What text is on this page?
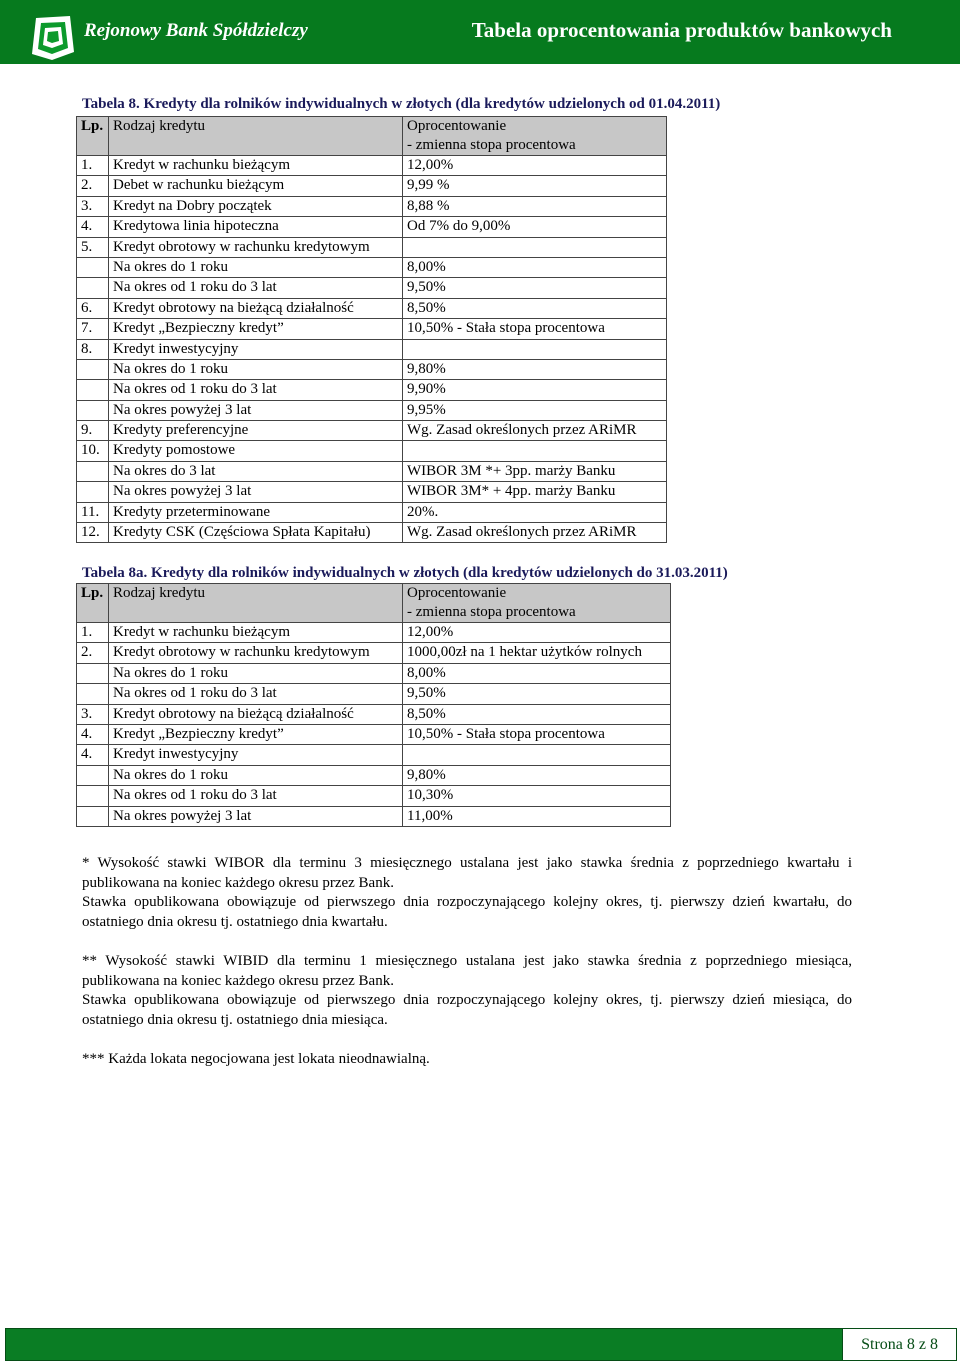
Rejonowy Bank Spółdzielczy	Tabela oprocentowania produktów bankowych
Tabela 8. Kredyty dla rolników indywidualnych w złotych (dla kredytów udzielonych od 01.04.2011)
Lp.	Rodzaj kredytu	Oprocentowanie
- zmienna stopa procentowa

1.	Kredyt w rachunku bieżącym	12,00%
2.	Debet w rachunku bieżącym	9,99 %
3.	Kredyt na Dobry początek	8,88 %
4.	Kredytowa linia hipoteczna	Od 7% do 9,00%
5.	Kredyt obrotowy w rachunku kredytowym	
	Na okres do 1 roku	8,00%
	Na okres od 1 roku do 3 lat	9,50%
6.	Kredyt obrotowy na bieżącą działalność	8,50%
7.	Kredyt „Bezpieczny kredyt”	10,50% - Stała stopa procentowa
8.	Kredyt inwestycyjny	
	Na okres do 1 roku	9,80%
	Na okres od 1 roku do 3 lat	9,90%
	Na okres powyżej 3 lat	9,95%
9.	Kredyty preferencyjne	Wg. Zasad określonych przez ARiMR
10.	Kredyty pomostowe	
	Na okres do 3 lat	WIBOR 3M *+ 3pp. marży Banku
	Na okres powyżej 3 lat	WIBOR 3M* + 4pp. marży Banku
11.	Kredyty przeterminowane	20%.
12.	Kredyty CSK (Częściowa Spłata Kapitału)	Wg. Zasad określonych przez ARiMR
Tabela 8a. Kredyty dla rolników indywidualnych w złotych (dla kredytów udzielonych do 31.03.2011)
Lp.	Rodzaj kredytu	Oprocentowanie
- zmienna stopa procentowa

1.	Kredyt w rachunku bieżącym	12,00%
2.	Kredyt obrotowy w rachunku kredytowym	1000,00zł na 1 hektar użytków rolnych
	Na okres do 1 roku	8,00%
	Na okres od 1 roku do 3 lat	9,50%
3.	Kredyt obrotowy na bieżącą działalność	8,50%
4.	Kredyt „Bezpieczny kredyt”	10,50% - Stała stopa procentowa
4.	Kredyt inwestycyjny	
	Na okres do 1 roku	9,80%
	Na okres od 1 roku do 3 lat	10,30%
	Na okres powyżej 3 lat	11,00%

* Wysokość stawki WIBOR dla terminu 3 miesięcznego ustalana jest jako stawka średnia z poprzedniego kwartału i publikowana na koniec każdego okresu przez Bank.

Stawka opublikowana obowiązuje od pierwszego dnia rozpoczynającego kolejny okres, tj. pierwszy dzień kwartału, do ostatniego dnia okresu tj. ostatniego dnia kwartału.

** Wysokość stawki WIBID dla terminu 1 miesięcznego ustalana jest jako stawka średnia z poprzedniego miesiąca, publikowana na koniec każdego okresu przez Bank.

Stawka opublikowana obowiązuje od pierwszego dnia rozpoczynającego kolejny okres, tj. pierwszy dzień miesiąca, do ostatniego dnia okresu tj. ostatniego dnia miesiąca.

*** Każda lokata negocjowana jest lokata nieodnawialną.

Strona 8 z 8
